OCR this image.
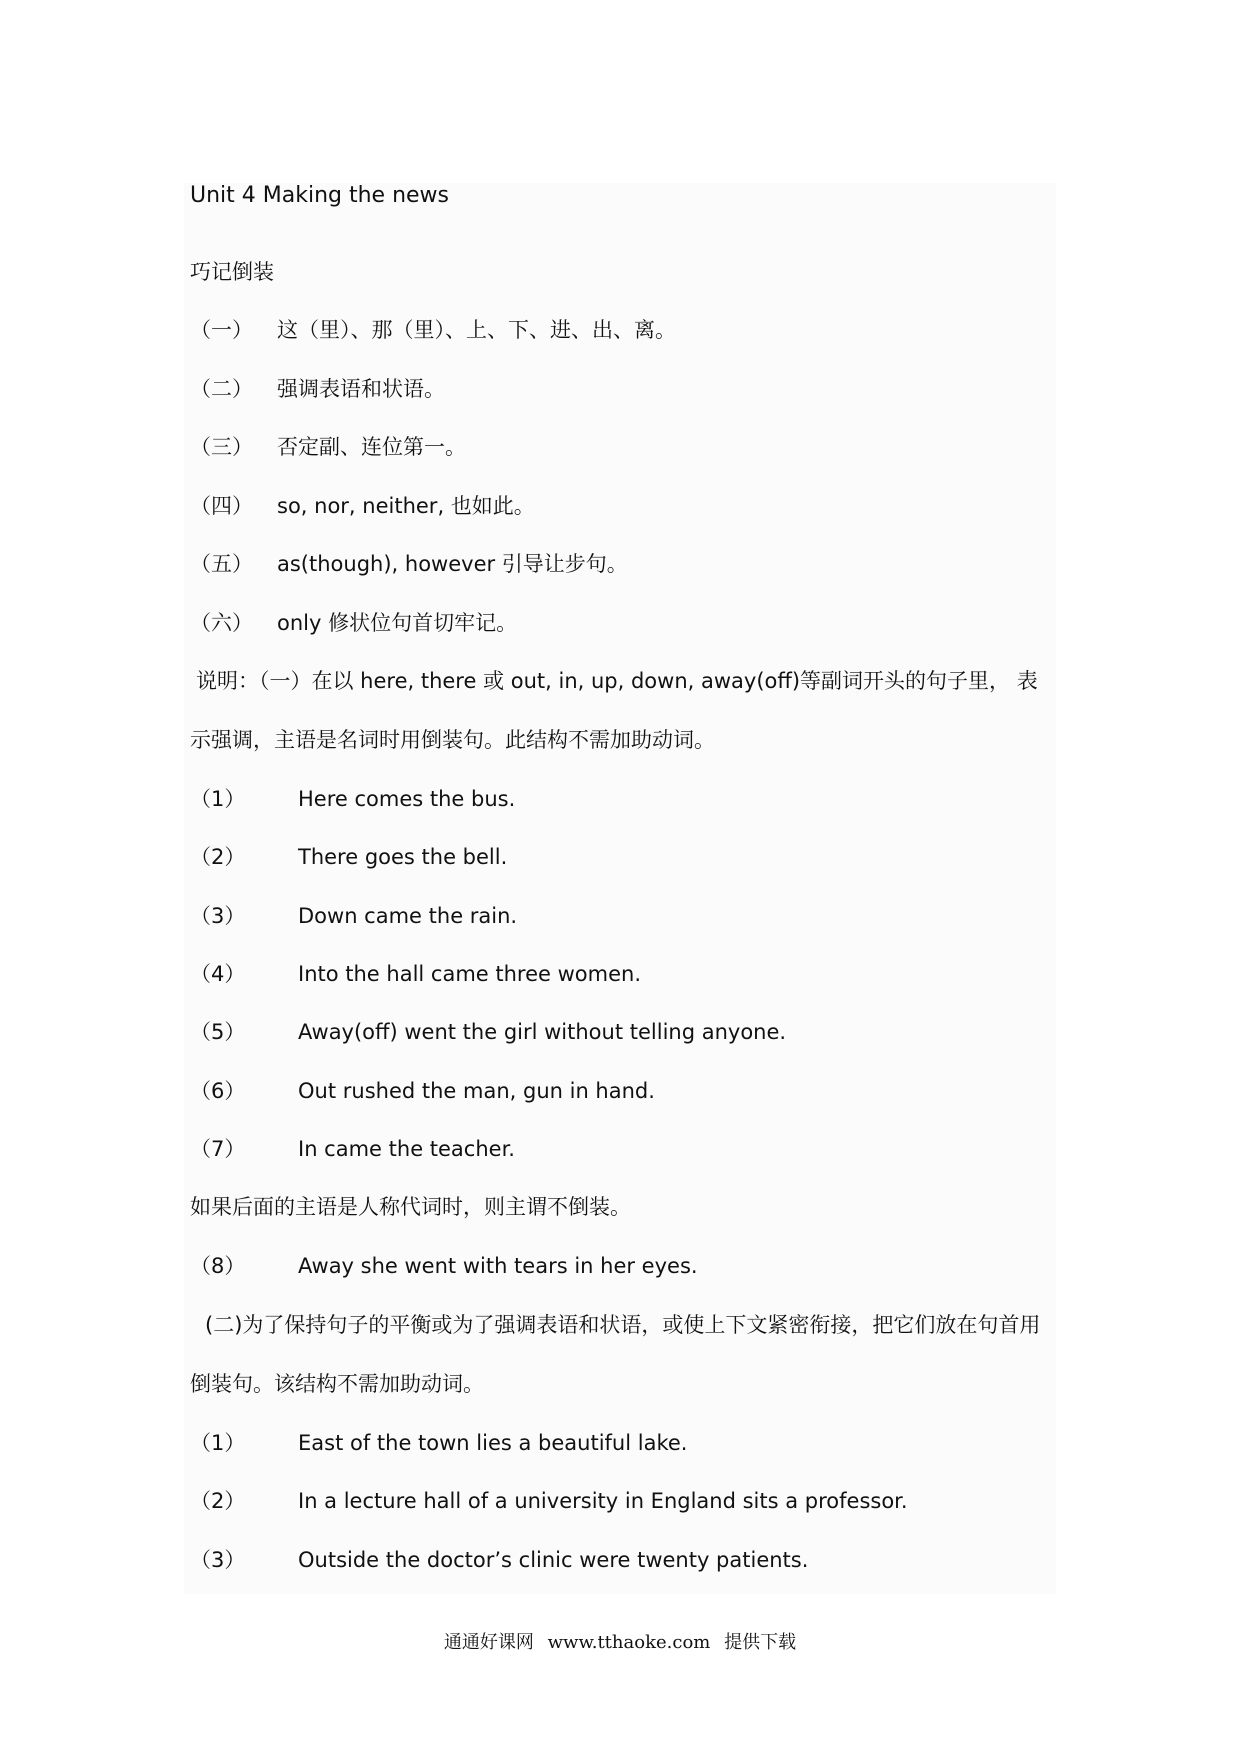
Unit 4 Making the news
巧记倒装
（一） 这（里）、那（里）、上、下、进、出、离。
（二） 强调表语和状语。
（三） 否定副、连位第一。
（四） so, nor, neither, 也如此。
（五） as(though), however 引导让步句。
（六） only 修状位句首切牢记。
说明：（一）在以 here, there 或 out, in, up, down, away(off)等副词开头的句子里， 表
示强调，主语是名词时用倒装句。此结构不需加助动词。
（1）	Here comes the bus.
（2）	There goes the bell.
（3）	Down came the rain.
（4）	Into the hall came three women.
（5）	Away(off) went the girl without telling anyone.
（6）	Out rushed the man, gun in hand.
（7）	In came the teacher.
如果后面的主语是人称代词时，则主谓不倒装。
（8）	Away she went with tears in her eyes.
(二)为了保持句子的平衡或为了强调表语和状语，或使上下文紧密衔接，把它们放在句首用
倒装句。该结构不需加助动词。
（1）	East of the town lies a beautiful lake.
（2）	In a lecture hall of a university in England sits a professor.
（3）	Outside the doctor’s clinic were twenty patients.
通通好课网 www.tthaoke.com 提供下载
